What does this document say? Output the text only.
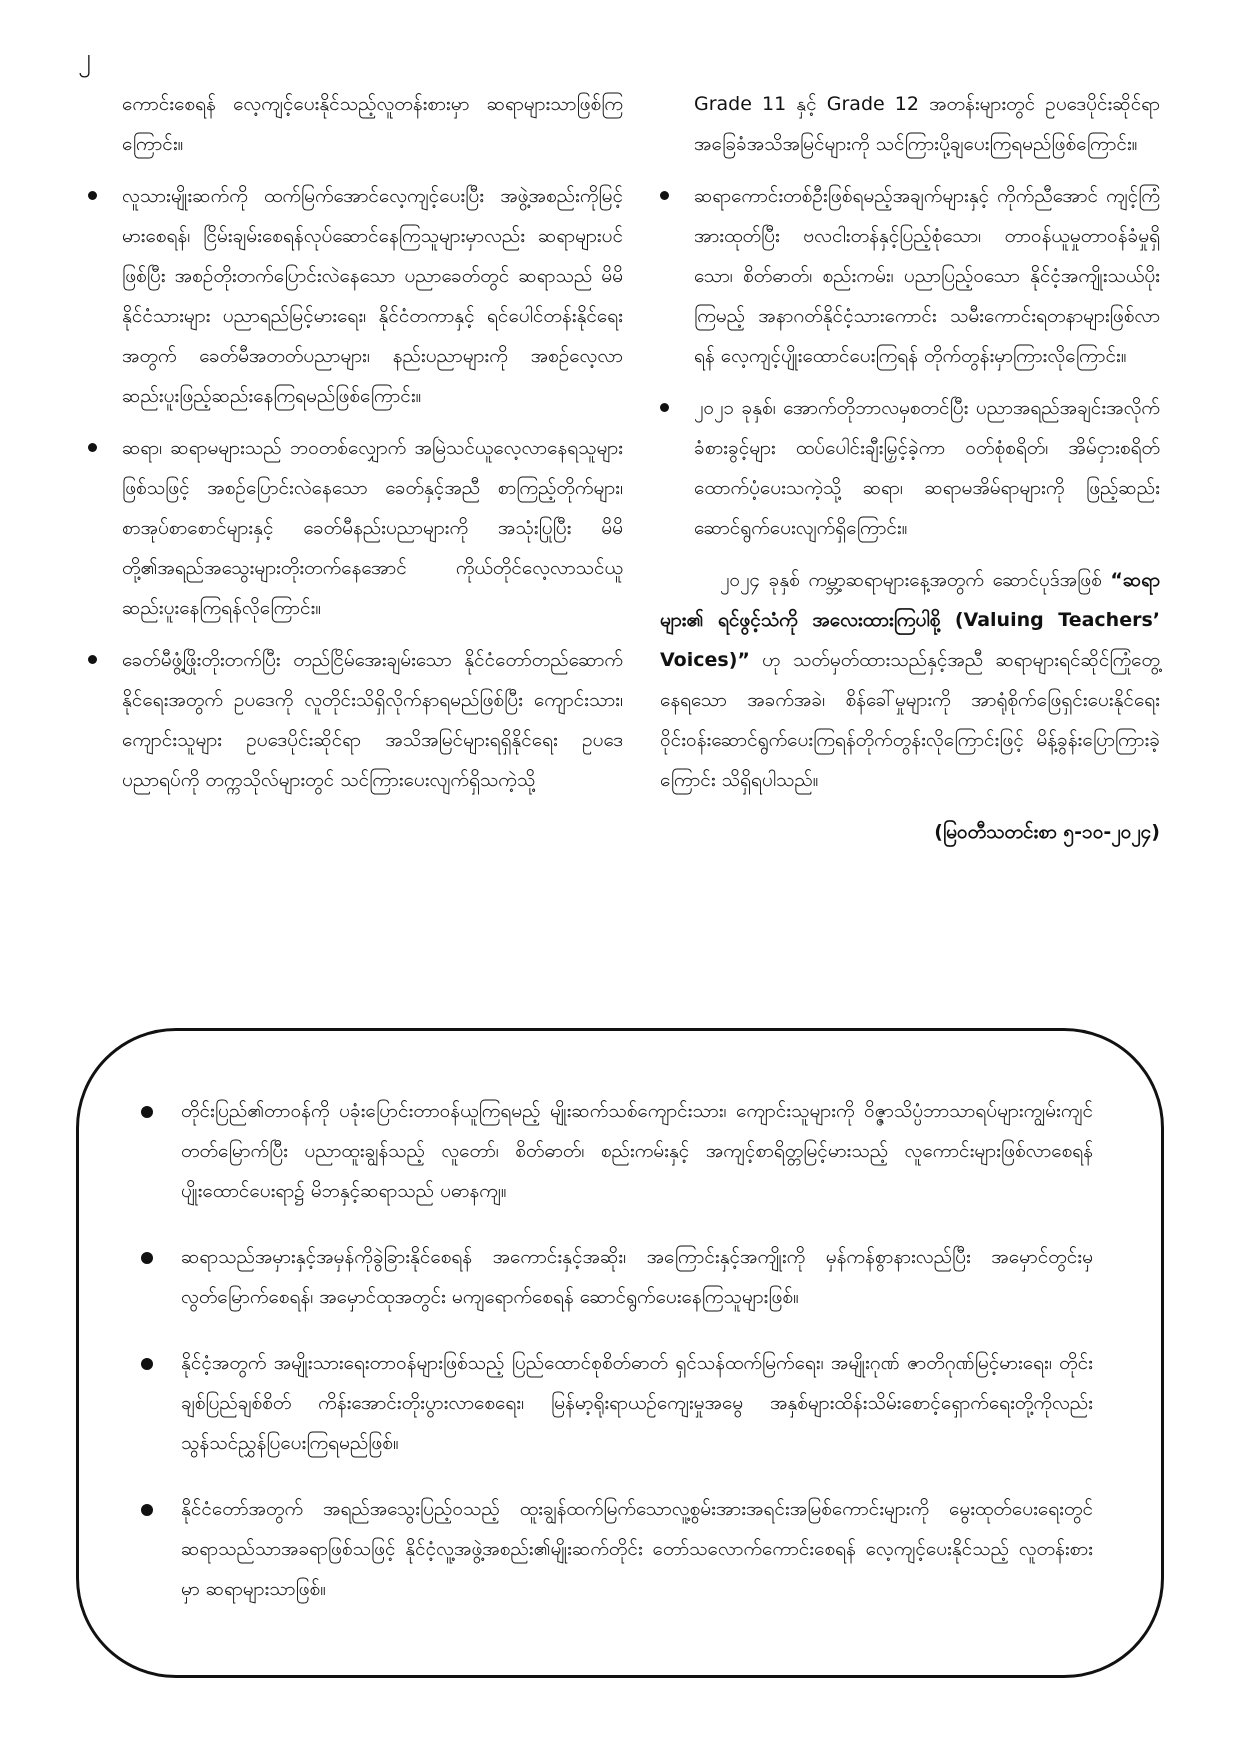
၂

ကောင်းစေရန် လေ့ကျင့်ပေးနိုင်သည့်လူတန်းစားမှာ ဆရာများသာဖြစ်ကြကြောင်း။

လူသားမျိုးဆက်ကို ထက်မြက်အောင်လေ့ကျင့်ပေးပြီး အဖွဲ့အစည်းကိုမြင့်မားစေရန်၊ ငြိမ်းချမ်းစေရန်လုပ်ဆောင်နေကြသူများမှာလည်း ဆရာများပင်ဖြစ်ပြီး အစဉ်တိုးတက်ပြောင်းလဲနေသော ပညာခေတ်တွင် ဆရာသည် မိမိနိုင်ငံသားများ ပညာရည်မြင့်မားရေး၊ နိုင်ငံတကာနှင့် ရင်ပေါင်တန်းနိုင်ရေးအတွက် ခေတ်မီအတတ်ပညာများ၊ နည်းပညာများကို အစဉ်လေ့လာဆည်းပူးဖြည့်ဆည်းနေကြရမည်ဖြစ်ကြောင်း။
ဆရာ၊ ဆရာမများသည် ဘဝတစ်လျှောက် အမြဲသင်ယူလေ့လာနေရသူများဖြစ်သဖြင့် အစဉ်ပြောင်းလဲနေသော ခေတ်နှင့်အညီ စာကြည့်တိုက်များ၊ စာအုပ်စာစောင်များနှင့် ခေတ်မီနည်းပညာများကို အသုံးပြုပြီး မိမိတို့၏အရည်အသွေးများတိုးတက်နေအောင် ကိုယ်တိုင်လေ့လာသင်ယူ ဆည်းပူးနေကြရန်လိုကြောင်း။
ခေတ်မီဖွံ့ဖြိုးတိုးတက်ပြီး တည်ငြိမ်အေးချမ်းသော နိုင်ငံတော်တည်ဆောက်နိုင်ရေးအတွက် ဥပဒေကို လူတိုင်းသိရှိလိုက်နာရမည်ဖြစ်ပြီး ကျောင်းသား၊ ကျောင်းသူများ ဥပဒေပိုင်းဆိုင်ရာ အသိအမြင်များရရှိနိုင်ရေး ဥပဒေပညာရပ်ကို တက္ကသိုလ်များတွင် သင်ကြားပေးလျက်ရှိသကဲ့သို့

Grade 11 နှင့် Grade 12 အတန်းများတွင် ဥပဒေပိုင်းဆိုင်ရာ အခြေခံအသိအမြင်များကို သင်ကြားပို့ချပေးကြရမည်ဖြစ်ကြောင်း။

ဆရာကောင်းတစ်ဦးဖြစ်ရမည့်အချက်များနှင့် ကိုက်ညီအောင် ကျင့်ကြံအားထုတ်ပြီး ဗလငါးတန်နှင့်ပြည့်စုံသော၊ တာဝန်ယူမှုတာဝန်ခံမှုရှိသော၊ စိတ်ဓာတ်၊ စည်းကမ်း၊ ပညာပြည့်ဝသော နိုင်ငံ့အကျိုးသယ်ပိုးကြမည့် အနာဂတ်နိုင်ငံ့သားကောင်း သမီးကောင်းရတနာများဖြစ်လာရန် လေ့ကျင့်ပျိုးထောင်ပေးကြရန် တိုက်တွန်းမှာကြားလိုကြောင်း။
၂၀၂၁ ခုနှစ်၊ အောက်တိုဘာလမှစတင်ပြီး ပညာအရည်အချင်းအလိုက် ခံစားခွင့်များ ထပ်ပေါင်းချီးမြှင့်ခဲ့ကာ ဝတ်စုံစရိတ်၊ အိမ်ငှားစရိတ် ထောက်ပံ့ပေးသကဲ့သို့ ဆရာ၊ ဆရာမအိမ်ရာများကို ဖြည့်ဆည်းဆောင်ရွက်ပေးလျက်ရှိကြောင်း။

၂၀၂၄ ခုနှစ် ကမ္ဘာ့ဆရာများနေ့အတွက် ဆောင်ပုဒ်အဖြစ် “ဆရာများ၏ ရင်ဖွင့်သံကို အလေးထားကြပါစို့ (Valuing Teachers’ Voices)” ဟု သတ်မှတ်ထားသည်နှင့်အညီ ဆရာများရင်ဆိုင်ကြုံတွေ့နေရသော အခက်အခဲ၊ စိန်ခေါ်မှုများကို အာရုံစိုက်ဖြေရှင်းပေးနိုင်ရေး ဝိုင်းဝန်းဆောင်ရွက်ပေးကြရန်တိုက်တွန်းလိုကြောင်းဖြင့် မိန့်ခွန်းပြောကြားခဲ့ကြောင်း သိရှိရပါသည်။

(မြဝတီသတင်းစာ ၅-၁၀-၂၀၂၄)

တိုင်းပြည်၏တာဝန်ကို ပခုံးပြောင်းတာဝန်ယူကြရမည့် မျိုးဆက်သစ်ကျောင်းသား၊ ကျောင်းသူများကို ဝိဇ္ဇာသိပ္ပံဘာသာရပ်များကျွမ်းကျင်တတ်မြောက်ပြီး ပညာထူးချွန်သည့် လူတော်၊ စိတ်ဓာတ်၊ စည်းကမ်းနှင့် အကျင့်စာရိတ္တမြင့်မားသည့် လူကောင်းများဖြစ်လာစေရန် ပျိုးထောင်ပေးရာ၌ မိဘနှင့်ဆရာသည် ပဓာနကျ။
ဆရာသည်အမှားနှင့်အမှန်ကိုခွဲခြားနိုင်စေရန် အကောင်းနှင့်အဆိုး၊ အကြောင်းနှင့်အကျိုးကို မှန်ကန်စွာနားလည်ပြီး အမှောင်တွင်းမှ လွတ်မြောက်စေရန်၊ အမှောင်ထုအတွင်း မကျရောက်စေရန် ဆောင်ရွက်ပေးနေကြသူများဖြစ်။
နိုင်ငံ့အတွက် အမျိုးသားရေးတာဝန်များဖြစ်သည့် ပြည်ထောင်စုစိတ်ဓာတ် ရှင်သန်ထက်မြက်ရေး၊ အမျိုးဂုဏ် ဇာတိဂုဏ်မြင့်မားရေး၊ တိုင်းချစ်ပြည်ချစ်စိတ် ကိန်းအောင်းတိုးပွားလာစေရေး၊ မြန်မာ့ရိုးရာယဉ်ကျေးမှုအမွေ အနှစ်များထိန်းသိမ်းစောင့်ရှောက်ရေးတို့ကိုလည်း သွန်သင်ညွှန်ပြပေးကြရမည်ဖြစ်။
နိုင်ငံတော်အတွက် အရည်အသွေးပြည့်ဝသည့် ထူးချွန်ထက်မြက်သောလူ့စွမ်းအားအရင်းအမြစ်ကောင်းများကို မွေးထုတ်ပေးရေးတွင် ဆရာသည်သာအခရာဖြစ်သဖြင့် နိုင်ငံ့လူ့အဖွဲ့အစည်း၏မျိုးဆက်တိုင်း တော်သလောက်ကောင်းစေရန် လေ့ကျင့်ပေးနိုင်သည့် လူတန်းစားမှာ ဆရာများသာဖြစ်။
